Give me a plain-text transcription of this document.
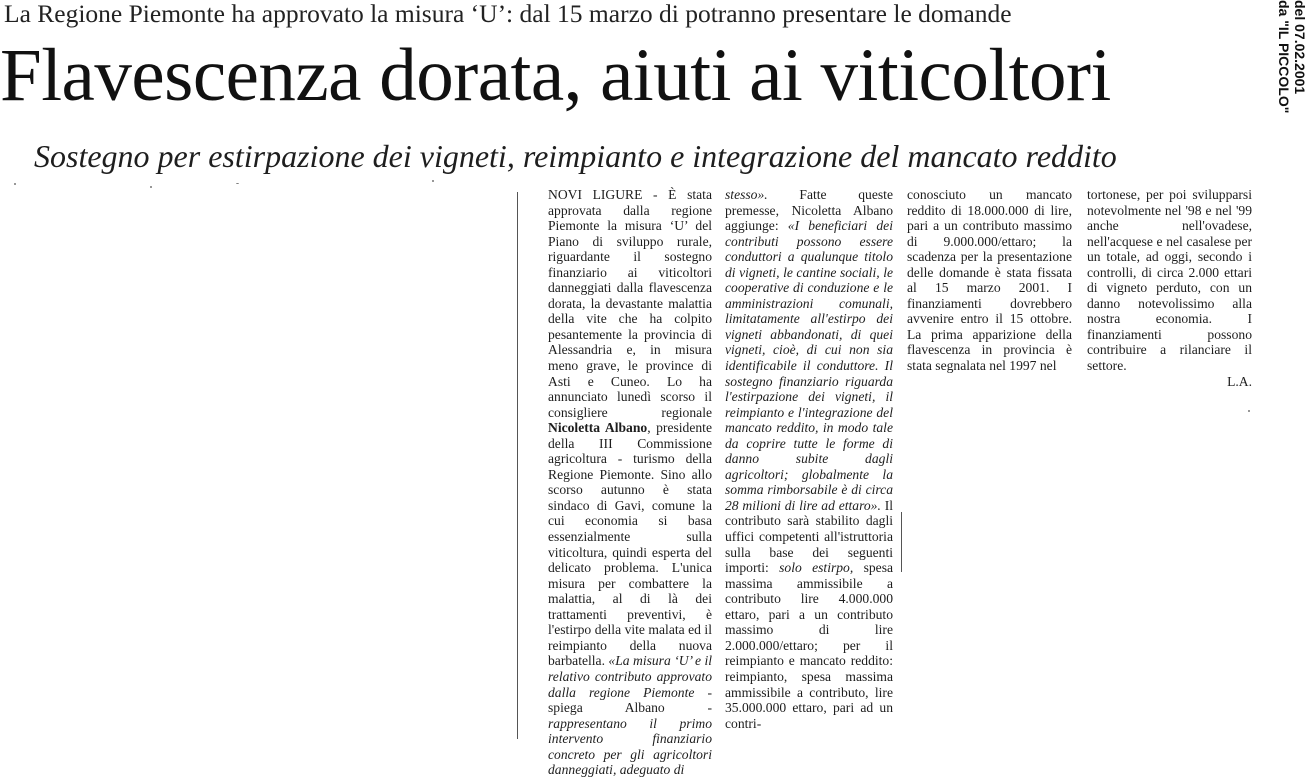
La Regione Piemonte ha approvato la misura ‘U’: dal 15 marzo di potranno presentare le domande
Flavescenza dorata, aiuti ai viticoltori
Sostegno per estirpazione dei vigneti, reimpianto e integrazione del mancato reddito
da "IL PICCOLO" del 07.02.2001

NOVI LIGURE - È stata approvata dalla regione Piemonte la misura ‘U’ del Piano di sviluppo rurale, riguardante il sostegno finanziario ai viticoltori danneggiati dalla flavescenza dorata, la devastante malattia della vite che ha colpito pesantemente la provincia di Alessandria e, in misura meno grave, le province di Asti e Cuneo. Lo ha annunciato lunedì scorso il consigliere regionale Nicoletta Albano, presidente della III Commissione agricoltura - turismo della Regione Piemonte. Sino allo scorso autunno è stata sindaco di Gavi, comune la cui economia si basa essenzialmente sulla viticoltura, quindi esperta del delicato problema. L'unica misura per combattere la malattia, al di là dei trattamenti preventivi, è l'estirpo della vite malata ed il reimpianto della nuova barbatella. «La misura ‘U’ e il relativo contributo approvato dalla regione Piemonte - spiega Albano - rappresentano il primo intervento finanziario concreto per gli agricoltori danneggiati, adeguato di

stesso». Fatte queste premesse, Nicoletta Albano aggiunge: «I beneficiari dei contributi possono essere conduttori a qualunque titolo di vigneti, le cantine sociali, le cooperative di conduzione e le amministrazioni comunali, limitatamente all'estirpo dei vigneti abbandonati, di quei vigneti, cioè, di cui non sia identificabile il conduttore. Il sostegno finanziario riguarda l'estirpazione dei vigneti, il reimpianto e l'integrazione del mancato reddito, in modo tale da coprire tutte le forme di danno subite dagli agricoltori; globalmente la somma rimborsabile è di circa 28 milioni di lire ad ettaro». Il contributo sarà stabilito dagli uffici competenti all'istruttoria sulla base dei seguenti importi: solo estirpo, spesa massima ammissibile a contributo lire 4.000.000 ettaro, pari a un contributo massimo di lire 2.000.000/ettaro; per il reimpianto e mancato reddito: reimpianto, spesa massima ammissibile a contributo, lire 35.000.000 ettaro, pari ad un contri-

conosciuto un mancato reddito di 18.000.000 di lire, pari a un contributo massimo di 9.000.000/ettaro; la scadenza per la presentazione delle domande è stata fissata al 15 marzo 2001. I finanziamenti dovrebbero avvenire entro il 15 ottobre. La prima apparizione della flavescenza in provincia è stata segnalata nel 1997 nel

tortonese, per poi svilupparsi notevolmente nel '98 e nel '99 anche nell'ovadese, nell'acquese e nel casalese per un totale, ad oggi, secondo i controlli, di circa 2.000 ettari di vigneto perduto, con un danno notevolissimo alla nostra economia. I finanziamenti possono contribuire a rilanciare il settore.

L.A.
